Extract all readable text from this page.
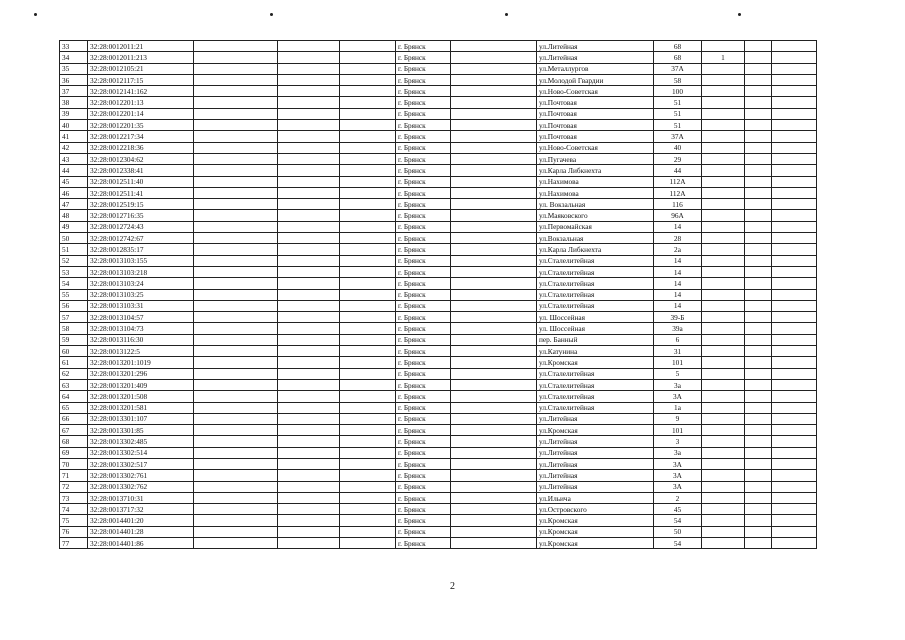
33	32:28:0012011:21				г. Брянск		ул.Литейная	68			
34	32:28:0012011:213				г. Брянск		ул.Литейная	68	1		
35	32:28:0012105:21				г. Брянск		ул.Металлургов	37А			
36	32:28:0012117:15				г. Брянск		ул.Молодой Гвардии	58			
37	32:28:0012141:162				г. Брянск		ул.Ново-Советская	100			
38	32:28:0012201:13				г. Брянск		ул.Почтовая	51			
39	32:28:0012201:14				г. Брянск		ул.Почтовая	51			
40	32:28:0012201:35				г. Брянск		ул.Почтовая	51			
41	32:28:0012217:34				г. Брянск		ул.Почтовая	37А			
42	32:28:0012218:36				г. Брянск		ул.Ново-Советская	40			
43	32:28:0012304:62				г. Брянск		ул.Пугачева	29			
44	32:28:0012338:41				г. Брянск		ул.Карла Либкнехта	44			
45	32:28:0012511:40				г. Брянск		ул.Нахимова	112А			
46	32:28:0012511:41				г. Брянск		ул.Нахимова	112А			
47	32:28:0012519:15				г. Брянск		ул. Вокзальная	116			
48	32:28:0012716:35				г. Брянск		ул.Маяковского	96А			
49	32:28:0012724:43				г. Брянск		ул.Первомайская	14			
50	32:28:0012742:67				г. Брянск		ул.Вокзальная	28			
51	32:28:0012835:17				г. Брянск		ул.Карла Либкнехта	2а			
52	32:28:0013103:155				г. Брянск		ул.Сталелитейная	14			
53	32:28:0013103:218				г. Брянск		ул.Сталелитейная	14			
54	32:28:0013103:24				г. Брянск		ул.Сталелитейная	14			
55	32:28:0013103:25				г. Брянск		ул.Сталелитейная	14			
56	32:28:0013103:31				г. Брянск		ул.Сталелитейная	14			
57	32:28:0013104:57				г. Брянск		ул. Шоссейная	39-Б			
58	32:28:0013104:73				г. Брянск		ул. Шоссейная	39а			
59	32:28:0013116:30				г. Брянск		пер. Банный	6			
60	32:28:0013122:5				г. Брянск		ул.Катунина	31			
61	32:28:0013201:1019				г. Брянск		ул.Кромская	101			
62	32:28:0013201:296				г. Брянск		ул.Сталелитейная	5			
63	32:28:0013201:409				г. Брянск		ул.Сталелитейная	3а			
64	32:28:0013201:508				г. Брянск		ул.Сталелитейная	3А			
65	32:28:0013201:581				г. Брянск		ул.Сталелитейная	1а			
66	32:28:0013301:107				г. Брянск		ул.Литейная	9			
67	32:28:0013301:85				г. Брянск		ул.Кромская	101			
68	32:28:0013302:485				г. Брянск		ул.Литейная	3			
69	32:28:0013302:514				г. Брянск		ул.Литейная	3а			
70	32:28:0013302:517				г. Брянск		ул.Литейная	3А			
71	32:28:0013302:761				г. Брянск		ул.Литейная	3А			
72	32:28:0013302:762				г. Брянск		ул.Литейная	3А			
73	32:28:0013710:31				г. Брянск		ул.Ильича	2			
74	32:28:0013717:32				г. Брянск		ул.Островского	45			
75	32:28:0014401:20				г. Брянск		ул.Кромская	54			
76	32:28:0014401:28				г. Брянск		ул.Кромская	50			
77	32:28:0014401:86				г. Брянск		ул.Кромская	54			
2
